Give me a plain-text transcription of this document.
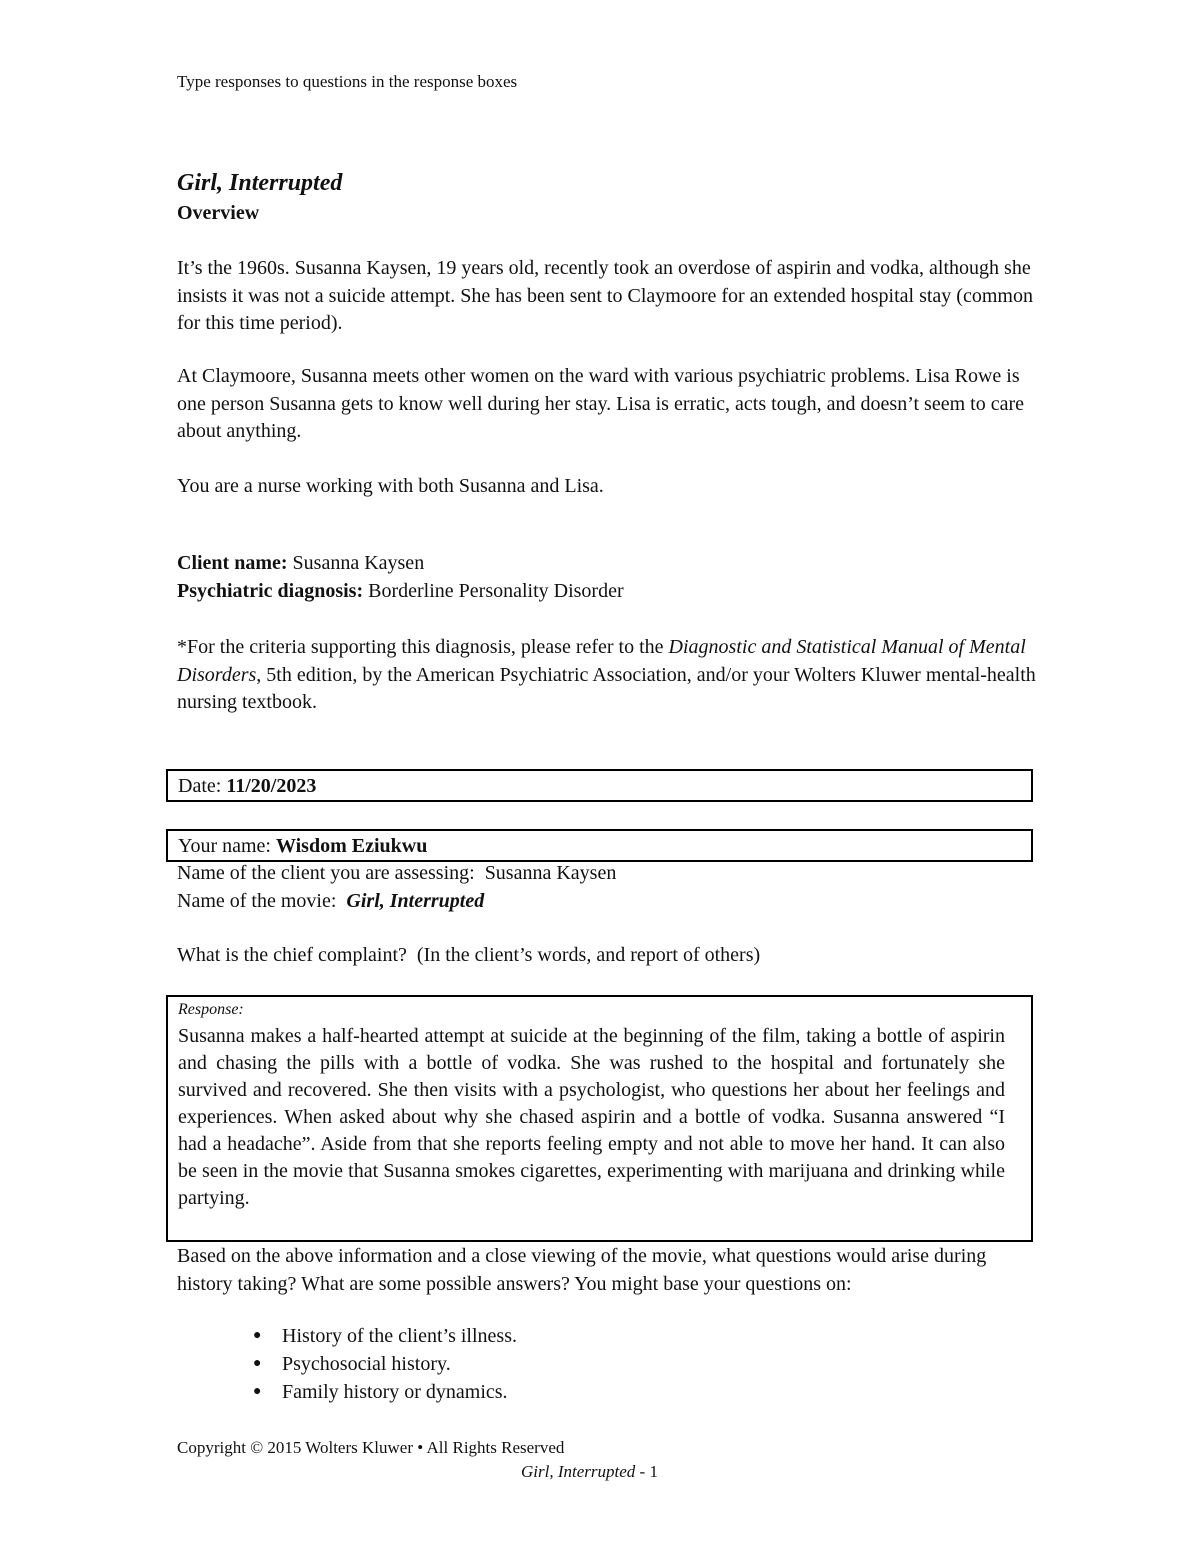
Type responses to questions in the response boxes
Girl, Interrupted
Overview
It’s the 1960s. Susanna Kaysen, 19 years old, recently took an overdose of aspirin and vodka, although she insists it was not a suicide attempt. She has been sent to Claymoore for an extended hospital stay (common for this time period).
At Claymoore, Susanna meets other women on the ward with various psychiatric problems. Lisa Rowe is one person Susanna gets to know well during her stay. Lisa is erratic, acts tough, and doesn’t seem to care about anything.
You are a nurse working with both Susanna and Lisa.
Client name: Susanna Kaysen
Psychiatric diagnosis: Borderline Personality Disorder
*For the criteria supporting this diagnosis, please refer to the Diagnostic and Statistical Manual of Mental Disorders, 5th edition, by the American Psychiatric Association, and/or your Wolters Kluwer mental-health nursing textbook.
Date: 11/20/2023
Your name: Wisdom Eziukwu
Name of the client you are assessing:  Susanna Kaysen
Name of the movie: Girl, Interrupted
What is the chief complaint?  (In the client’s words, and report of others)
Response:
Susanna makes a half-hearted attempt at suicide at the beginning of the film, taking a bottle of aspirin and chasing the pills with a bottle of vodka. She was rushed to the hospital and fortunately she survived and recovered. She then visits with a psychologist, who questions her about her feelings and experiences. When asked about why she chased aspirin and a bottle of vodka. Susanna answered “I had a headache”. Aside from that she reports feeling empty and not able to move her hand. It can also be seen in the movie that Susanna smokes cigarettes, experimenting with marijuana and drinking while partying.
Based on the above information and a close viewing of the movie, what questions would arise during history taking? What are some possible answers? You might base your questions on:
● History of the client’s illness.
● Psychosocial history.
● Family history or dynamics.
Copyright © 2015 Wolters Kluwer • All Rights Reserved
Girl, Interrupted - 1
